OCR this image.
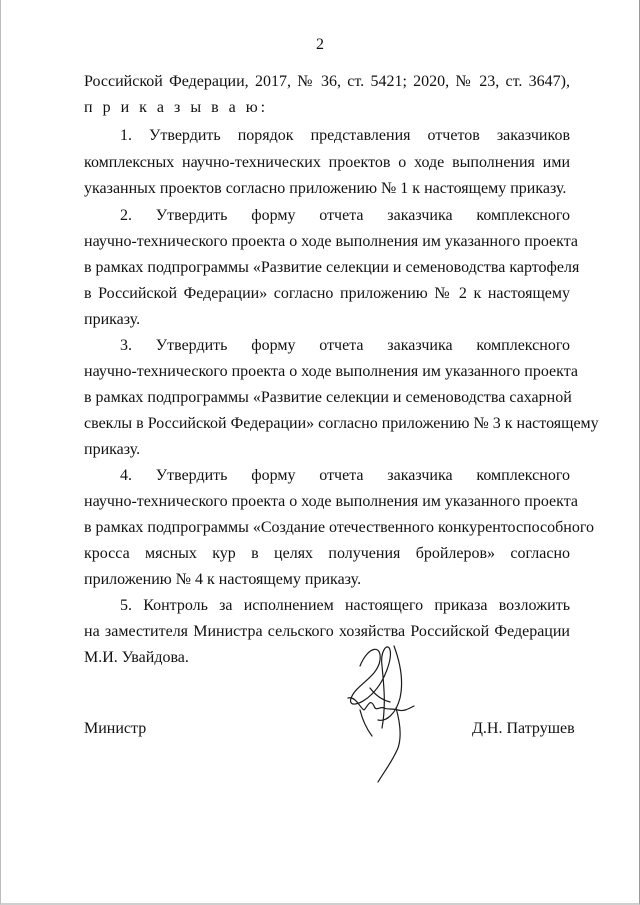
2
Российской Федерации, 2017, № 36, ст. 5421; 2020, № 23, ст. 3647),
п р и к а з ы в а ю:
1. Утвердить порядок представления отчетов заказчиков
комплексных научно-технических проектов о ходе выполнения ими
указанных проектов согласно приложению № 1 к настоящему приказу.
2. Утвердить форму отчета заказчика комплексного
научно-технического проекта о ходе выполнения им указанного проекта
в рамках подпрограммы «Развитие селекции и семеноводства картофеля
в Российской Федерации» согласно приложению № 2 к настоящему
приказу.
3. Утвердить форму отчета заказчика комплексного
научно-технического проекта о ходе выполнения им указанного проекта
в рамках подпрограммы «Развитие селекции и семеноводства сахарной
свеклы в Российской Федерации» согласно приложению № 3 к настоящему
приказу.
4. Утвердить форму отчета заказчика комплексного
научно-технического проекта о ходе выполнения им указанного проекта
в рамках подпрограммы «Создание отечественного конкурентоспособного
кросса мясных кур в целях получения бройлеров» согласно
приложению № 4 к настоящему приказу.
5. Контроль за исполнением настоящего приказа возложить
на заместителя Министра сельского хозяйства Российской Федерации
М.И. Увайдова.
Министр	Д.Н. Патрушев
